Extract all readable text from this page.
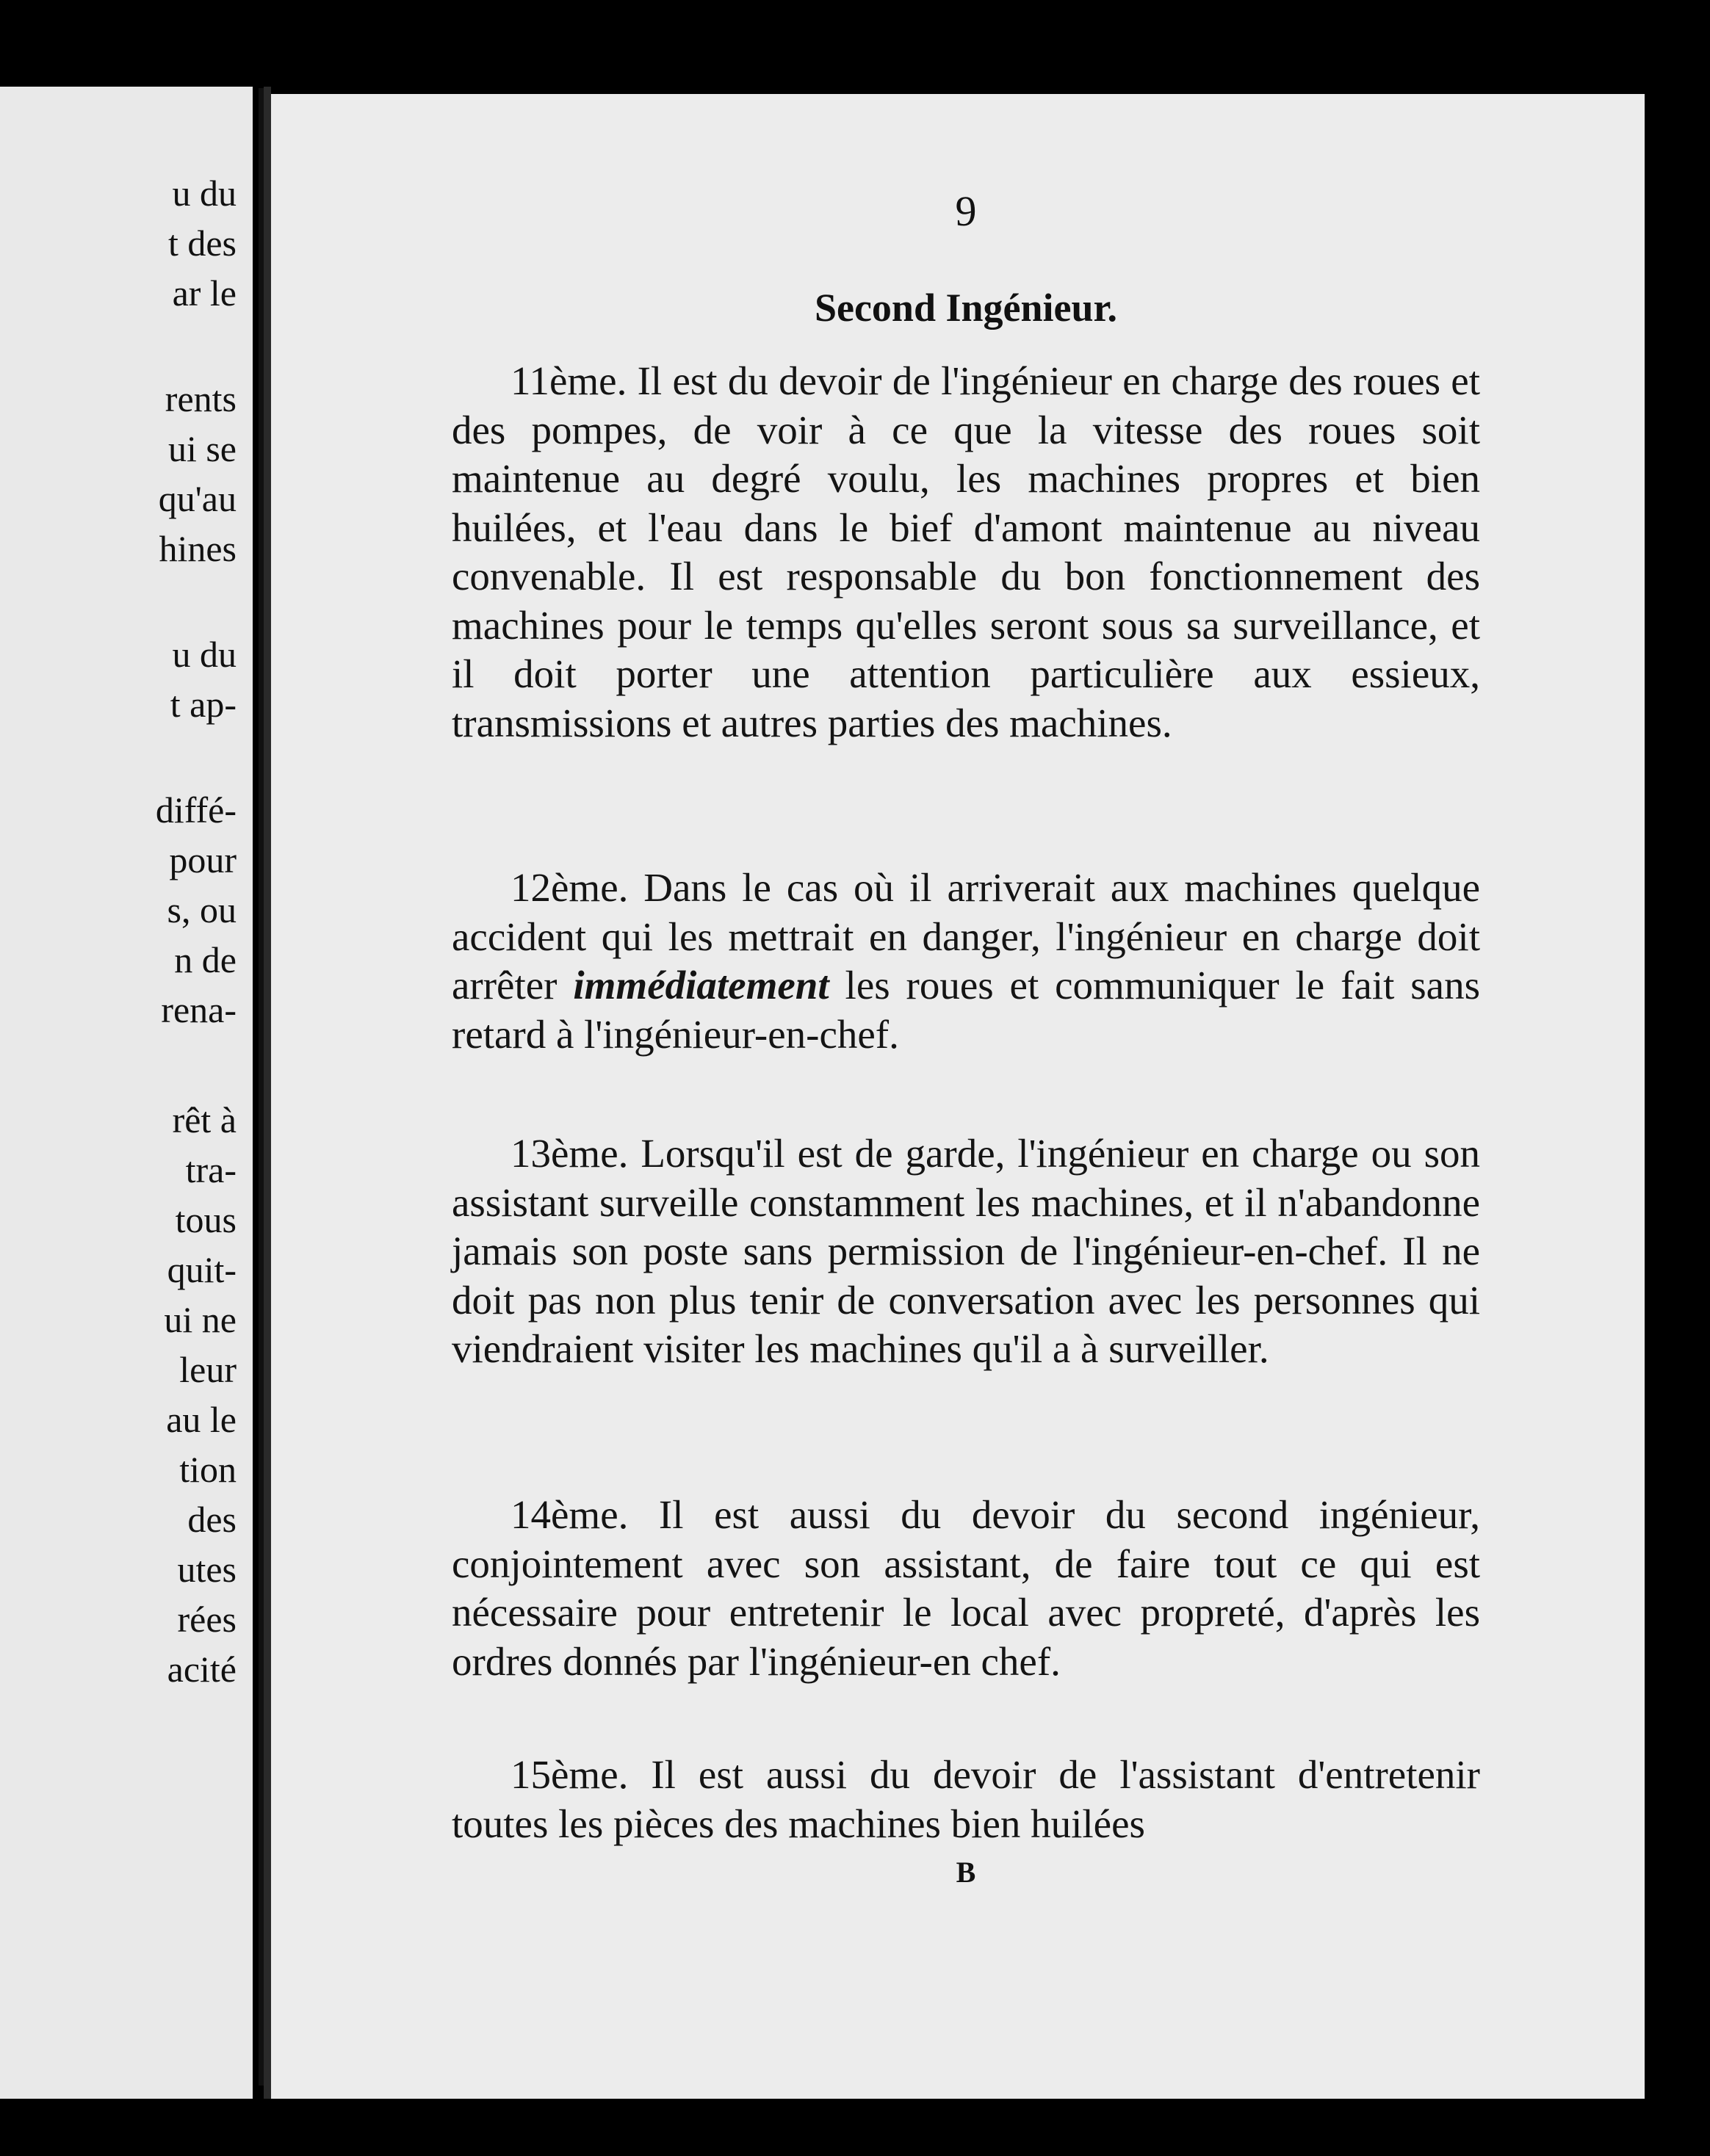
u du
t des
ar le
rents
ui se
qu'au
hines
u du
t ap-
diffé-
pour
s, ou
n de
rena-
rêt à
tra-
tous
quit-
ui ne
leur
au le
tion
des
utes
rées
acité
9
Second Ingénieur.

11ème. Il est du devoir de l'ingénieur en charge des roues et des pompes, de voir à ce que la vitesse des roues soit maintenue au degré voulu, les machines propres et bien huilées, et l'eau dans le bief d'amont maintenue au niveau convenable. Il est responsable du bon fonctionnement des machines pour le temps qu'elles seront sous sa surveillance, et il doit porter une attention particulière aux essieux, transmissions et autres parties des machines.

12ème. Dans le cas où il arriverait aux machines quelque accident qui les mettrait en danger, l'ingénieur en charge doit arrêter immédiatement les roues et communiquer le fait sans retard à l'ingénieur-en-chef.

13ème. Lorsqu'il est de garde, l'ingénieur en charge ou son assistant surveille constamment les machines, et il n'abandonne jamais son poste sans permission de l'ingénieur-en-chef. Il ne doit pas non plus tenir de conversation avec les personnes qui viendraient visiter les machines qu'il a à surveiller.

14ème. Il est aussi du devoir du second ingénieur, conjointement avec son assistant, de faire tout ce qui est nécessaire pour entretenir le local avec propreté, d'après les ordres donnés par l'ingénieur-en chef.

15ème. Il est aussi du devoir de l'assistant d'entretenir toutes les pièces des machines bien huilées

B
